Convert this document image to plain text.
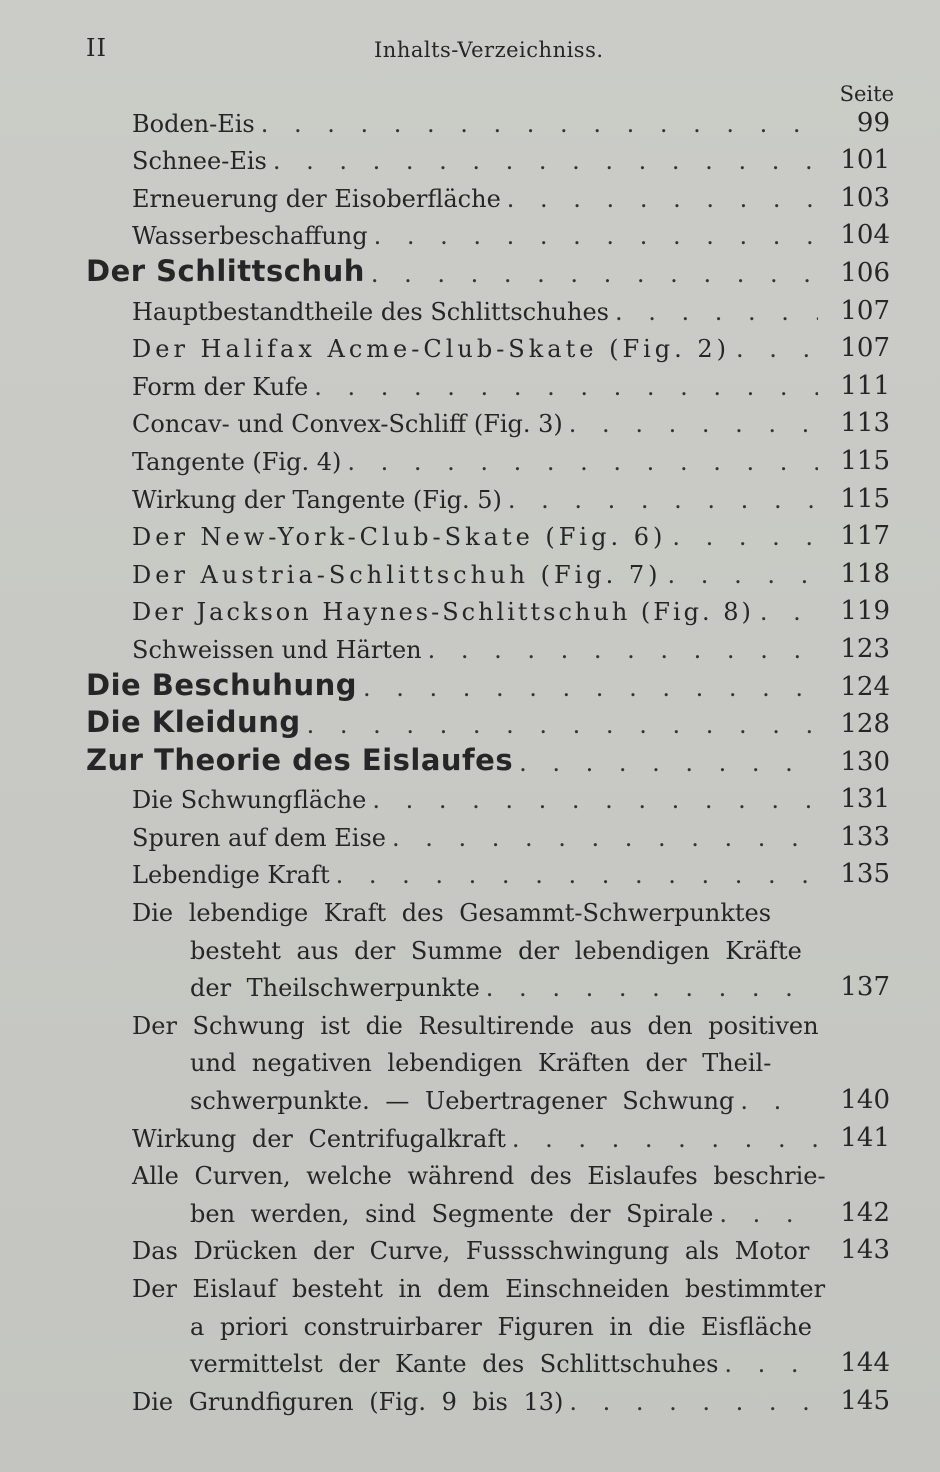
II	Inhalts-Verzeichniss.
Seite
Boden-Eis . . .	99
Schnee-Eis . . .	101
Erneuerung der Eisoberfläche . . .	103
Wasserbeschaffung . . .	104
Der Schlittschuh . . .	106
Hauptbestandtheile des Schlittschuhes . . .	107
Der Halifax Acme-Club-Skate (Fig. 2) . . .	107
Form der Kufe . . .	111
Concav- und Convex-Schliff (Fig. 3) . . .	113
Tangente (Fig. 4) . . .	115
Wirkung der Tangente (Fig. 5) . . .	115
Der New-York-Club-Skate (Fig. 6) . . .	117
Der Austria-Schlittschuh (Fig. 7) . . .	118
Der Jackson Haynes-Schlittschuh (Fig. 8) . . .	119
Schweissen und Härten . . .	123
Die Beschuhung . . .	124
Die Kleidung . . .	128
Zur Theorie des Eislaufes . . .	130
Die Schwungfläche . . .	131
Spuren auf dem Eise . . .	133
Lebendige Kraft . . .	135
Die lebendige Kraft des Gesammt-Schwerpunktes
besteht aus der Summe der lebendigen Kräfte
der Theilschwerpunkte . . .	137
Der Schwung ist die Resultirende aus den positiven
und negativen lebendigen Kräften der Theil-
schwerpunkte. — Uebertragener Schwung . . .	140
Wirkung der Centrifugalkraft . . .	141
Alle Curven, welche während des Eislaufes beschrie-
ben werden, sind Segmente der Spirale . . .	142
Das Drücken der Curve, Fussschwingung als Motor	143
Der Eislauf besteht in dem Einschneiden bestimmter
a priori construirbarer Figuren in die Eisfläche
vermittelst der Kante des Schlittschuhes . . .	144
Die Grundfiguren (Fig. 9 bis 13) . . .	145
